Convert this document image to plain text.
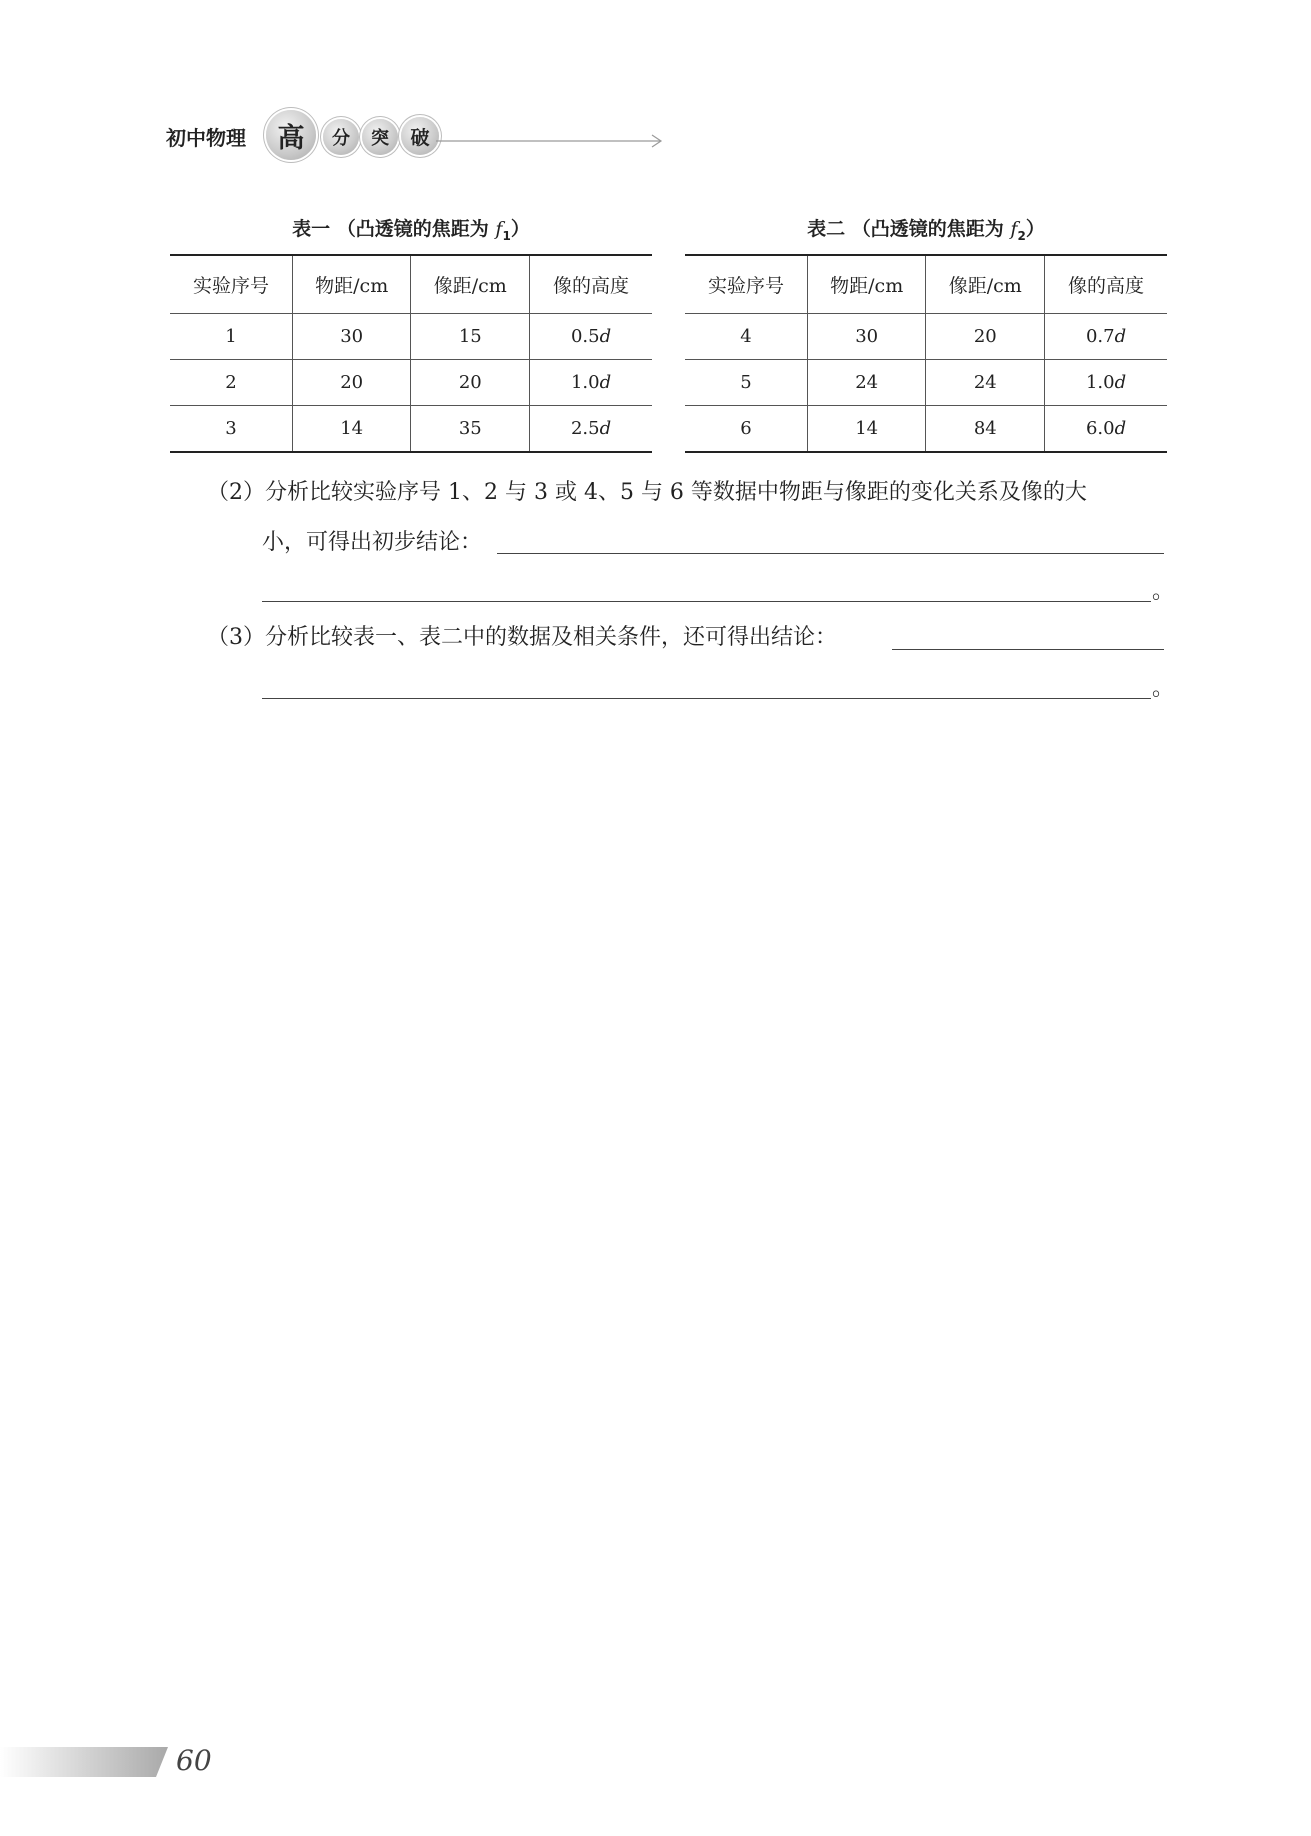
初中物理	高	分	突	破
表一 （凸透镜的焦距为 $f_1$）
实验序号	物距/cm	像距/cm	像的高度
1	30	15	0.5d
2	20	20	1.0d
3	14	35	2.5d
表二 （凸透镜的焦距为 $f_2$）
实验序号	物距/cm	像距/cm	像的高度
4	30	20	0.7d
5	24	24	1.0d
6	14	84	6.0d
（2）分析比较实验序号 1、2 与 3 或 4、5 与 6 等数据中物距与像距的变化关系及像的大
小，可得出初步结论：
。
（3）分析比较表一、表二中的数据及相关条件，还可得出结论：
。
60
